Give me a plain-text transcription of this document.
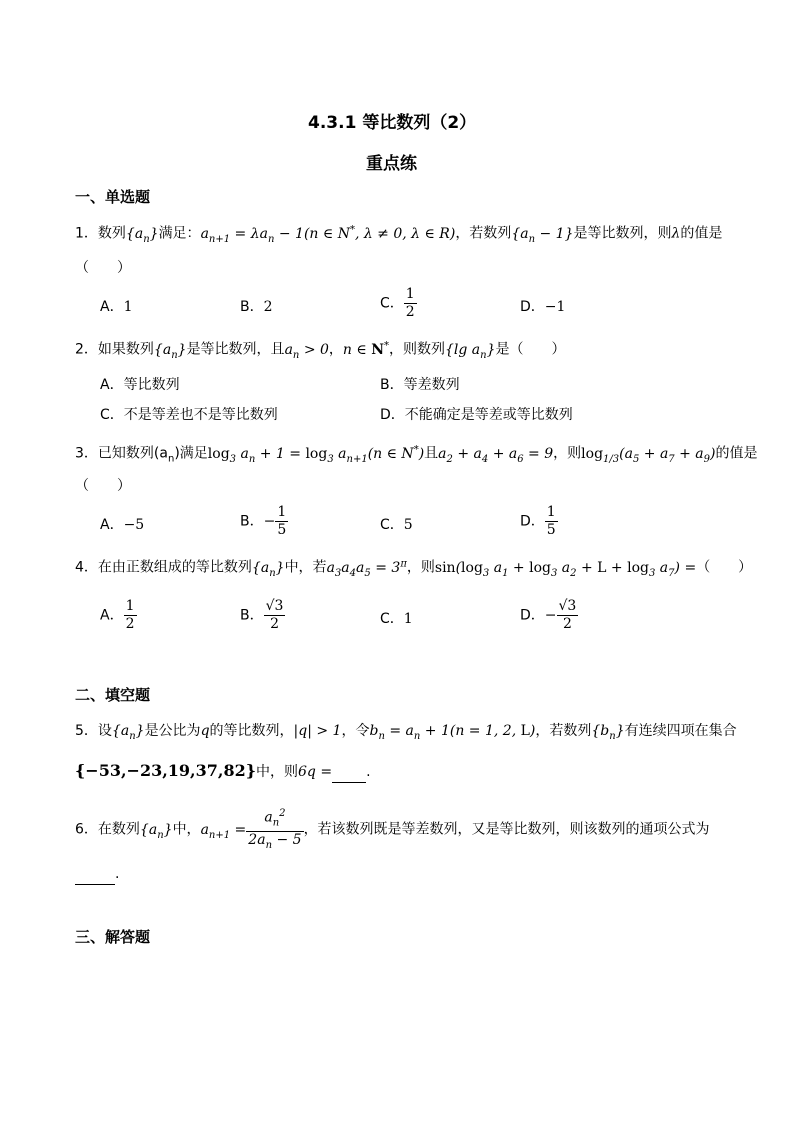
4.3.1 等比数列（2）
重点练
一、单选题
1．数列$\{a_n\}$满足：$a_{n+1} = \lambda a_n - 1(n$ ∈ N*, λ ≠ 0, λ ∈ R)，若数列$\{a_n - 1\}$是等比数列，则λ的值是
（　　）
A．1	B．2	C． $\frac{1}{2}$	D．−1
2．如果数列$\{a_n\}$是等比数列，且$a_n > 0$，n ∈ N*，则数列{lg $a_n$}是（　　）
A．等比数列	B．等差数列
C．不是等差也不是等比数列	D．不能确定是等差或等比数列
3．已知数列$(a_n)$满足$\log_3 a_n + 1 = \log_3 a_{n+1}(n$ ∈ N*)且$a_2 + a_4 + a_6 = 9$，则$\log_{1/3}(a_5 + a_7 + a_9)$的值是
（　　）
A．−5	B．− $\frac{1}{5}$	C．5	D． $\frac{1}{5}$
4．在由正数组成的等比数列$\{a_n\}$中，若$a_3a_4a_5 = 3^\pi$，则$\sin(\log_3$ $a_1 + \log_3 a_2 + L + \log_3 a_7$) =（　　）
A． $\frac{1}{2}$	B． $\frac{√3}{2}$	C．1	D．− $\frac{√3}{2}$
二、填空题
5．设$\{a_n\}$是公比为q的等比数列，|q| > 1，令$b_n = a_n + 1(n = 1$, 2, L)，若数列$\{b_n\}$有连续四项在集合
{−53,−23,19,37,82}中，则6q = .
6．在数列$\{a_n\}$中，$a_{n+1} = \frac{a_n^2}{2a_n - 5}$ ，若该数列既是等差数列，又是等比数列，则该数列的通项公式为
.
三、解答题
